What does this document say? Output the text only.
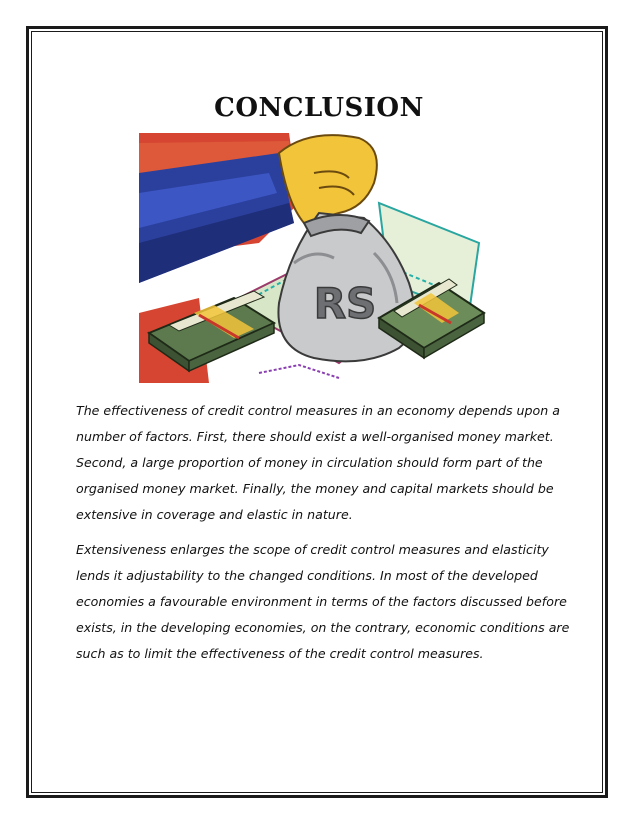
CONCLUSION
RS

The effectiveness of credit control measures in an economy depends upon a number of factors. First, there should exist a well-organised money market. Second, a large proportion of money in circulation should form part of the organised money market. Finally, the money and capital markets should be extensive in coverage and elastic in nature.

Extensiveness enlarges the scope of credit control measures and elasticity lends it adjustability to the changed conditions. In most of the developed economies a favourable environment in terms of the factors discussed before exists, in the developing economies, on the contrary, economic conditions are such as to limit the effectiveness of the credit control measures.
